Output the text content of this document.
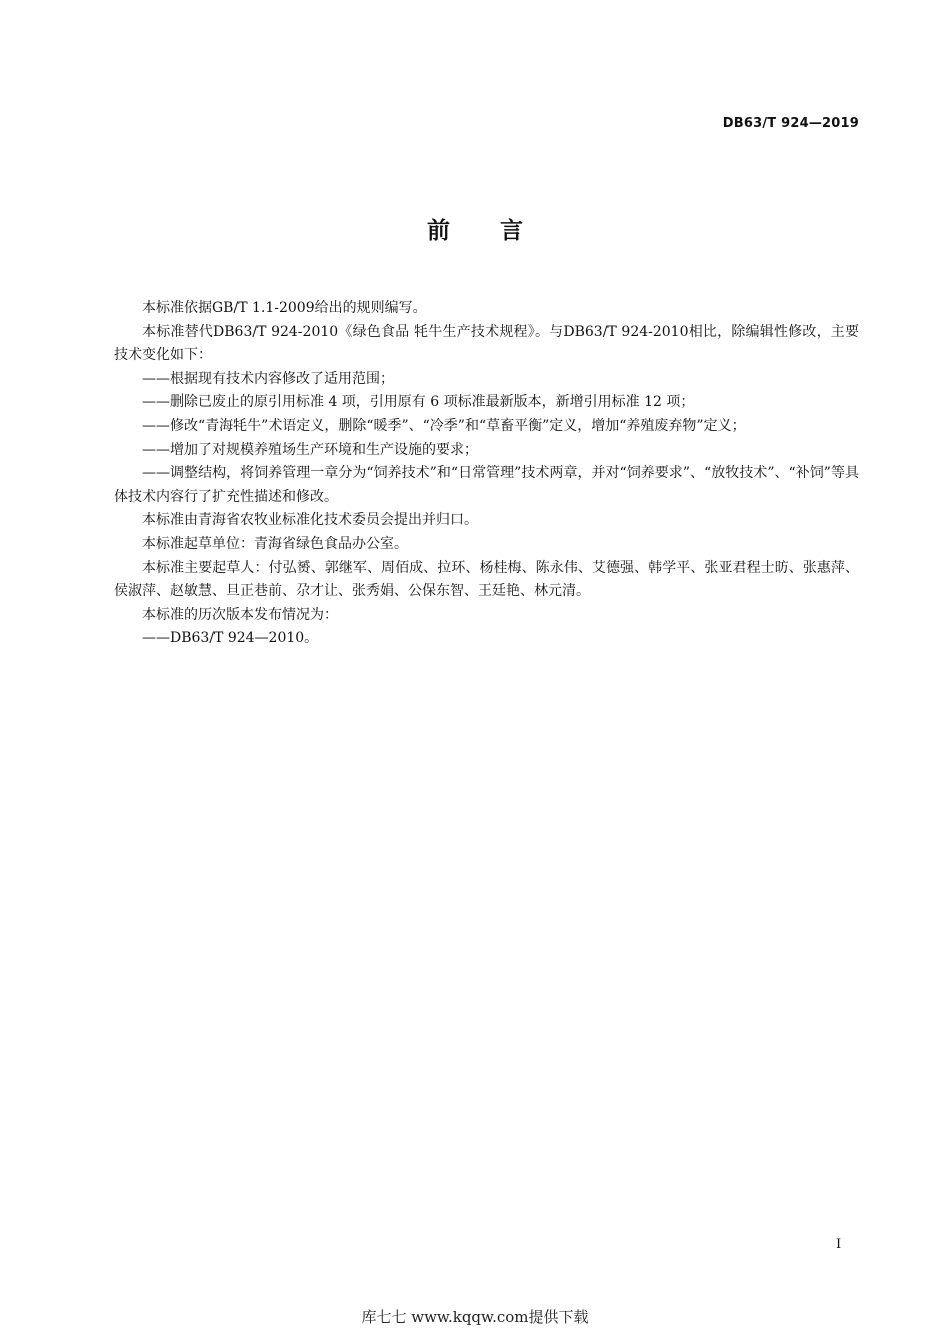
DB63/T 924—2019
前言

本标准依据GB/T 1.1-2009给出的规则编写。

本标准替代DB63/T 924-2010《绿色食品 牦牛生产技术规程》。与DB63/T 924-2010相比，除编辑性修改，主要技术变化如下：

——根据现有技术内容修改了适用范围；

——删除已废止的原引用标准 4 项，引用原有 6 项标准最新版本，新增引用标准 12 项；

——修改“青海牦牛”术语定义，删除“暖季”、“冷季”和“草畜平衡”定义，增加“养殖废弃物”定义；

——增加了对规模养殖场生产环境和生产设施的要求；

——调整结构，将饲养管理一章分为“饲养技术”和“日常管理”技术两章，并对“饲养要求”、“放牧技术”、“补饲”等具体技术内容行了扩充性描述和修改。

本标准由青海省农牧业标准化技术委员会提出并归口。

本标准起草单位：青海省绿色食品办公室。

本标准主要起草人：付弘赟、郭继军、周佰成、拉环、杨桂梅、陈永伟、艾德强、韩学平、张亚君程士昉、张惠萍、侯淑萍、赵敏慧、旦正巷前、尕才让、张秀娟、公保东智、王廷艳、林元清。

本标准的历次版本发布情况为：

——DB63/T 924—2010。

I
库七七 www.kqqw.com提供下载
